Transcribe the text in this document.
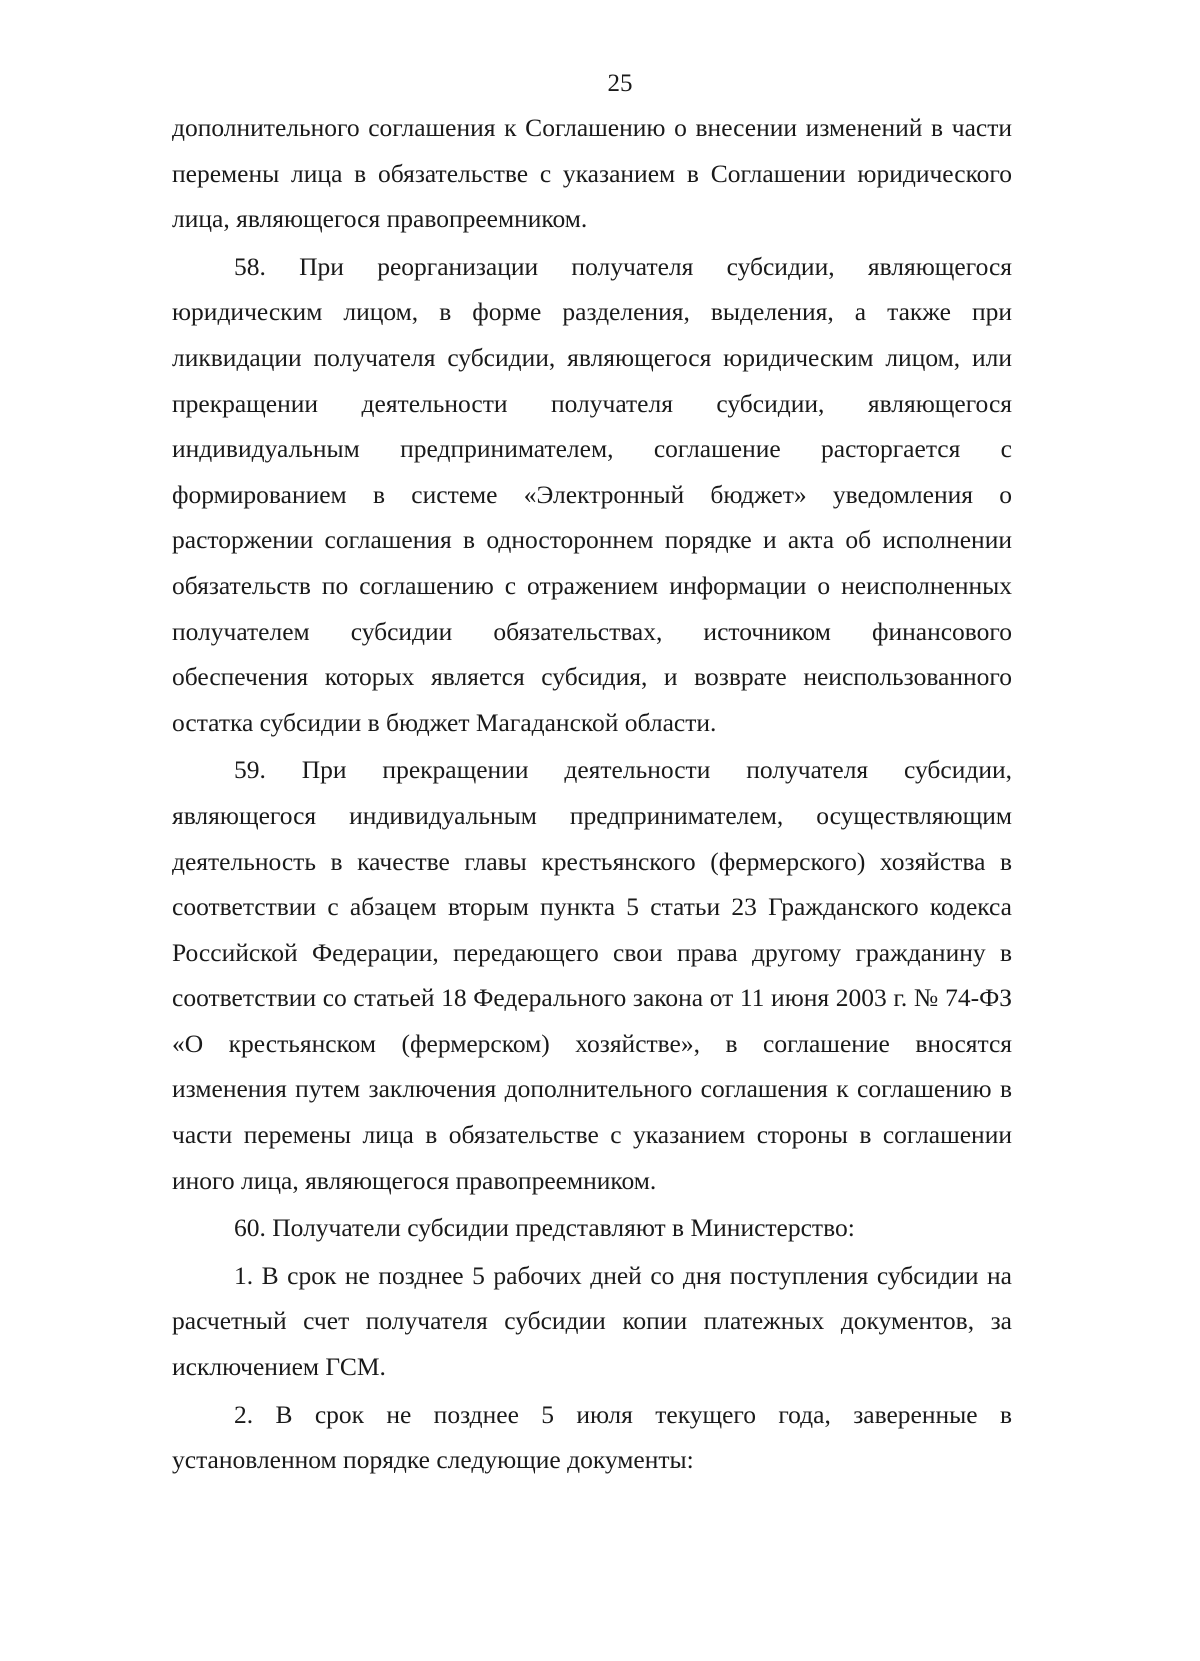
25

дополнительного соглашения к Соглашению о внесении изменений в части перемены лица в обязательстве с указанием в Соглашении юридического лица, являющегося правопреемником.

58. При реорганизации получателя субсидии, являющегося юридическим лицом, в форме разделения, выделения, а также при ликвидации получателя субсидии, являющегося юридическим лицом, или прекращении деятельности получателя субсидии, являющегося индивидуальным предпринимателем, соглашение расторгается с формированием в системе «Электронный бюджет» уведомления о расторжении соглашения в одностороннем порядке и акта об исполнении обязательств по соглашению с отражением информации о неисполненных получателем субсидии обязательствах, источником финансового обеспечения которых является субсидия, и возврате неиспользованного остатка субсидии в бюджет Магаданской области.

59. При прекращении деятельности получателя субсидии, являющегося индивидуальным предпринимателем, осуществляющим деятельность в качестве главы крестьянского (фермерского) хозяйства в соответствии с абзацем вторым пункта 5 статьи 23 Гражданского кодекса Российской Федерации, передающего свои права другому гражданину в соответствии со статьей 18 Федерального закона от 11 июня 2003 г. № 74-ФЗ «О крестьянском (фермерском) хозяйстве», в соглашение вносятся изменения путем заключения дополнительного соглашения к соглашению в части перемены лица в обязательстве с указанием стороны в соглашении иного лица, являющегося правопреемником.

60. Получатели субсидии представляют в Министерство:

1. В срок не позднее 5 рабочих дней со дня поступления субсидии на расчетный счет получателя субсидии копии платежных документов, за исключением ГСМ.

2. В срок не позднее 5 июля текущего года, заверенные в установленном порядке следующие документы:
